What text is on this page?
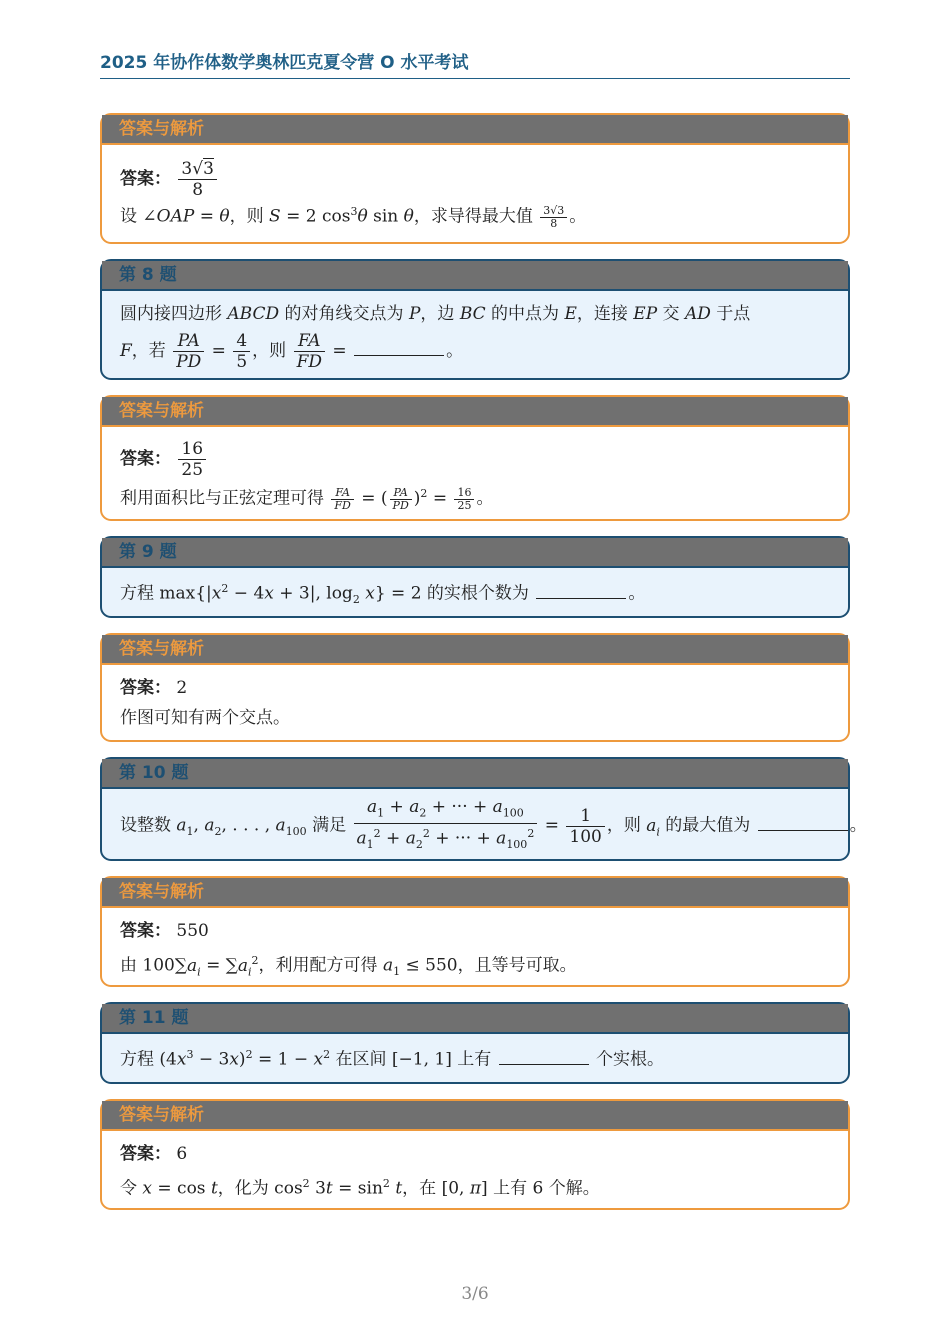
2025 年协作体数学奥林匹克夏令营 O 水平考试
答案与解析
答案： $\frac{3√3}{8}$
设 ∠OAP = θ，则 S = 2 $\cos^3\theta$ sin θ，求导得最大值 $\frac{3√3}{8}$ 。
第 8 题
圆内接四边形 ABCD 的对角线交点为 P，边 BC 的中点为 E，连接 EP 交 AD 于点
F，若 $\frac{PA}{PD} = \frac{4}{5}$ ，则 $\frac{FA}{FD}$ =	。
答案与解析
答案： $\frac{16}{25}$
利用面积比与正弦定理可得 $\frac{FA}{FD}$ = ( $\frac{PA}{PD} )^2 = \frac{16}{25}$ 。
第 9 题
方程 $\max\{|x^2 - 4x + 3|$, $\log_2 x\} = 2$ 的实根个数为	。
答案与解析
答案： 2
作图可知有两个交点。
第 10 题
设整数 $a_1$, $a_2$, . . . , $a_{100}$ 满足 $\frac{a_1 + a_2 + \cdot\cdot\cdot + a_{100}}{a_1^2 + a_2^2 + \cdot\cdot\cdot + a_{100}^2} = \frac{1}{100}$ ，则 $a_i$ 的最大值为	。
答案与解析
答案： 550
由 $100\sum a_i = \sum a_i^2$，利用配方可得 $a_1 \le 550$，且等号可取。
第 11 题
方程 $(4x^3 - 3x)^2 = 1 - x^2$ 在区间 [−1, 1] 上有	个实根。
答案与解析
答案： 6
令 x = cos t，化为 $\cos^2 3t = \sin^2 t$，在 [0, π] 上有 6 个解。
3/6
